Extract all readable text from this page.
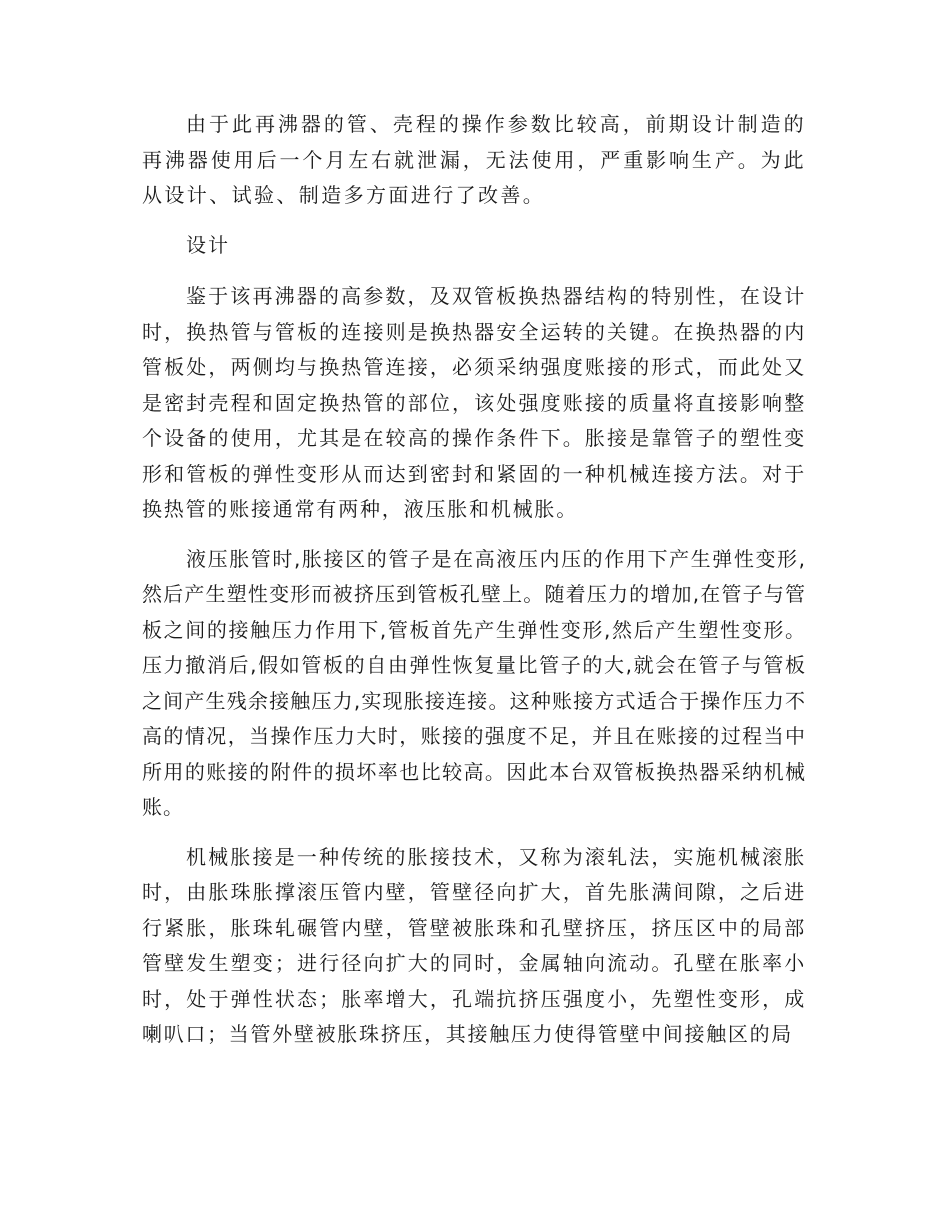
由于此再沸器的管、壳程的操作参数比较高，前期设计制造的再沸器使用后一个月左右就泄漏，无法使用，严重影响生产。为此从设计、试验、制造多方面进行了改善。

设计

鉴于该再沸器的高参数，及双管板换热器结构的特别性，在设计时，换热管与管板的连接则是换热器安全运转的关键。在换热器的内管板处，两侧均与换热管连接，必须采纳强度账接的形式，而此处又是密封壳程和固定换热管的部位，该处强度账接的质量将直接影响整个设备的使用，尤其是在较高的操作条件下。胀接是靠管子的塑性变形和管板的弹性变形从而达到密封和紧固的一种机械连接方法。对于换热管的账接通常有两种，液压胀和机械胀。

液压胀管时,胀接区的管子是在高液压内压的作用下产生弹性变形,然后产生塑性变形而被挤压到管板孔壁上。随着压力的增加,在管子与管板之间的接触压力作用下,管板首先产生弹性变形,然后产生塑性变形。压力撤消后,假如管板的自由弹性恢复量比管子的大,就会在管子与管板之间产生残余接触压力,实现胀接连接。这种账接方式适合于操作压力不高的情况，当操作压力大时，账接的强度不足，并且在账接的过程当中所用的账接的附件的损坏率也比较高。因此本台双管板换热器采纳机械账。

机械胀接是一种传统的胀接技术，又称为滚轧法，实施机械滚胀时，由胀珠胀撑滚压管内壁，管壁径向扩大，首先胀满间隙，之后进行紧胀，胀珠轧碾管内壁，管壁被胀珠和孔壁挤压，挤压区中的局部管壁发生塑变；进行径向扩大的同时，金属轴向流动。孔壁在胀率小时，处于弹性状态；胀率增大，孔端抗挤压强度小，先塑性变形，成喇叭口；当管外壁被胀珠挤压，其接触压力使得管壁中间接触区的局
